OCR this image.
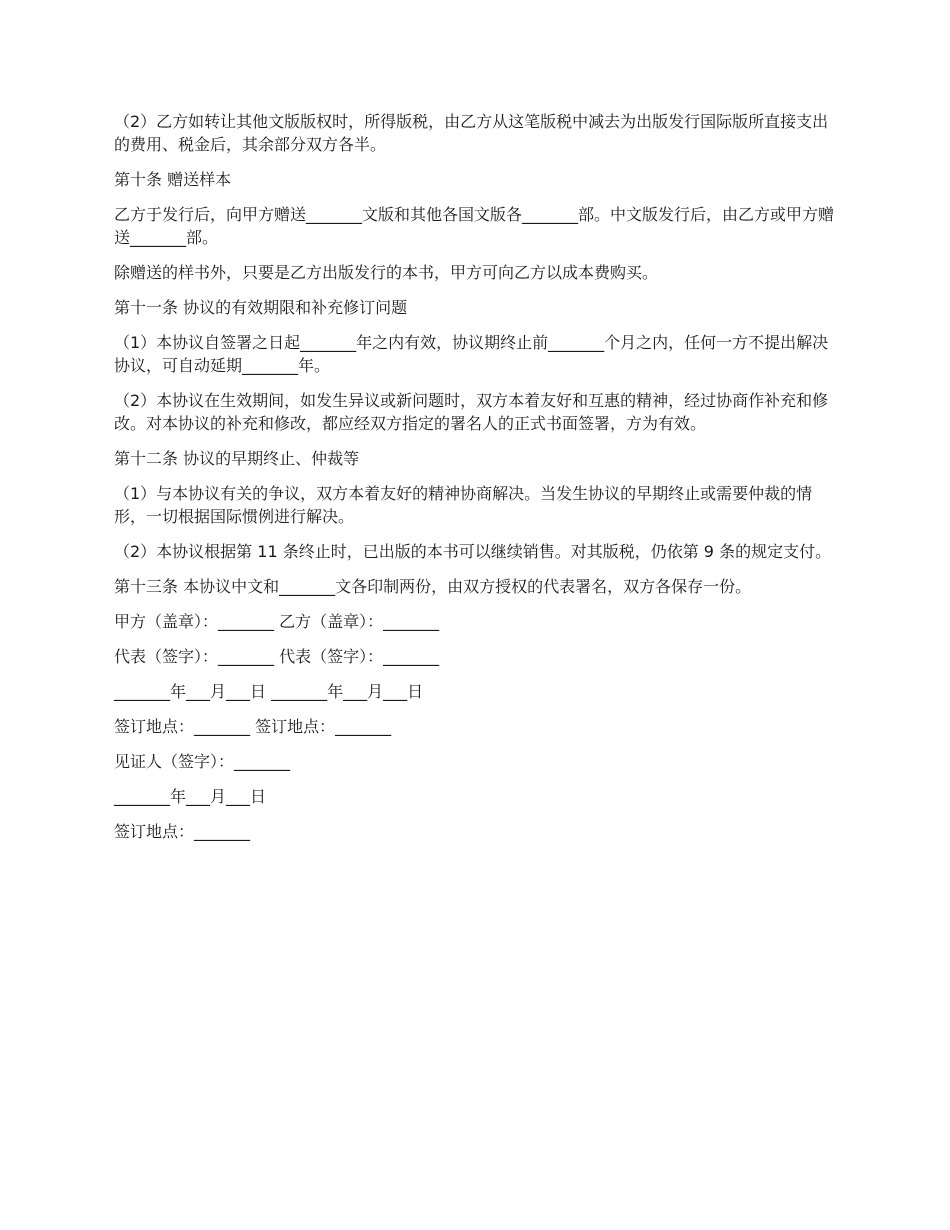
（2）乙方如转让其他文版版权时，所得版税，由乙方从这笔版税中减去为出版发行国际版所直接支出的费用、税金后，其余部分双方各半。

第十条 赠送样本

乙方于发行后，向甲方赠送_______文版和其他各国文版各_______部。中文版发行后，由乙方或甲方赠送_______部。

除赠送的样书外，只要是乙方出版发行的本书，甲方可向乙方以成本费购买。

第十一条 协议的有效期限和补充修订问题

（1）本协议自签署之日起_______年之内有效，协议期终止前_______个月之内，任何一方不提出解决协议，可自动延期_______年。

（2）本协议在生效期间，如发生异议或新问题时，双方本着友好和互惠的精神，经过协商作补充和修改。对本协议的补充和修改，都应经双方指定的署名人的正式书面签署，方为有效。

第十二条 协议的早期终止、仲裁等

（1）与本协议有关的争议，双方本着友好的精神协商解决。当发生协议的早期终止或需要仲裁的情形，一切根据国际惯例进行解决。

（2）本协议根据第 11 条终止时，已出版的本书可以继续销售。对其版税，仍依第 9 条的规定支付。

第十三条 本协议中文和_______文各印制两份，由双方授权的代表署名，双方各保存一份。

甲方（盖章）：_______ 乙方（盖章）：_______

代表（签字）：_______ 代表（签字）：_______

_______年___月___日 _______年___月___日

签订地点：_______ 签订地点：_______

见证人（签字）：_______

_______年___月___日

签订地点：_______
